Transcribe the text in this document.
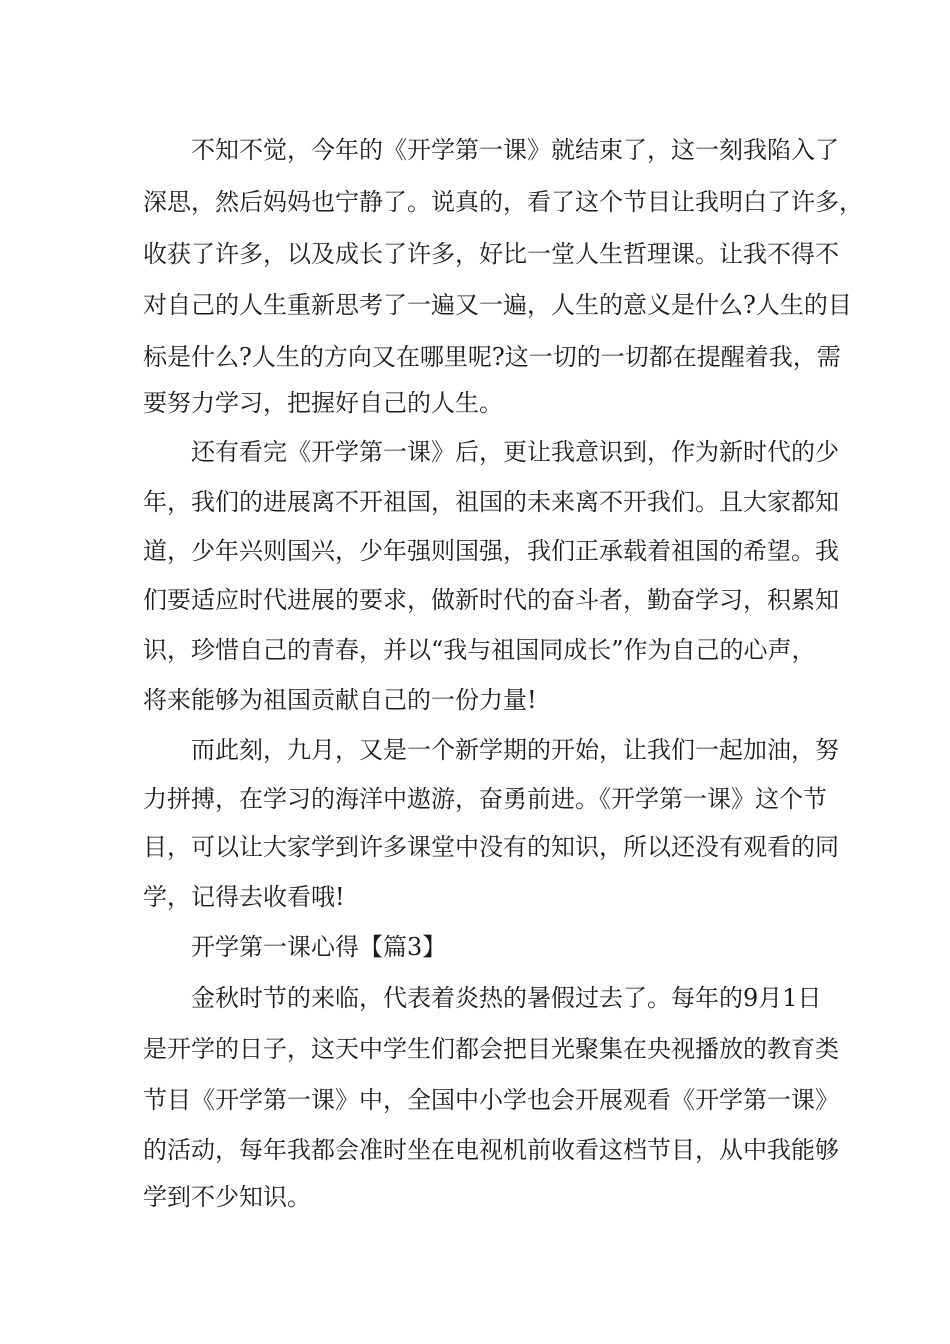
不知不觉，今年的《开学第一课》就结束了，这一刻我陷入了
深思，然后妈妈也宁静了。说真的，看了这个节目让我明白了许多，
收获了许多，以及成长了许多，好比一堂人生哲理课。让我不得不
对自己的人生重新思考了一遍又一遍，人生的意义是什么?人生的目
标是什么?人生的方向又在哪里呢?这一切的一切都在提醒着我，需
要努力学习，把握好自己的人生。
还有看完《开学第一课》后，更让我意识到，作为新时代的少
年，我们的进展离不开祖国，祖国的未来离不开我们。且大家都知
道，少年兴则国兴，少年强则国强，我们正承载着祖国的希望。我
们要适应时代进展的要求，做新时代的奋斗者，勤奋学习，积累知
识，珍惜自己的青春，并以“我与祖国同成长”作为自己的心声，
将来能够为祖国贡献自己的一份力量!
而此刻，九月，又是一个新学期的开始，让我们一起加油，努
力拼搏，在学习的海洋中遨游，奋勇前进。《开学第一课》这个节
目，可以让大家学到许多课堂中没有的知识，所以还没有观看的同
学，记得去收看哦!
开学第一课心得【篇3】
金秋时节的来临，代表着炎热的暑假过去了。每年的9月1日
是开学的日子，这天中学生们都会把目光聚集在央视播放的教育类
节目《开学第一课》中，全国中小学也会开展观看《开学第一课》
的活动，每年我都会准时坐在电视机前收看这档节目，从中我能够
学到不少知识。
